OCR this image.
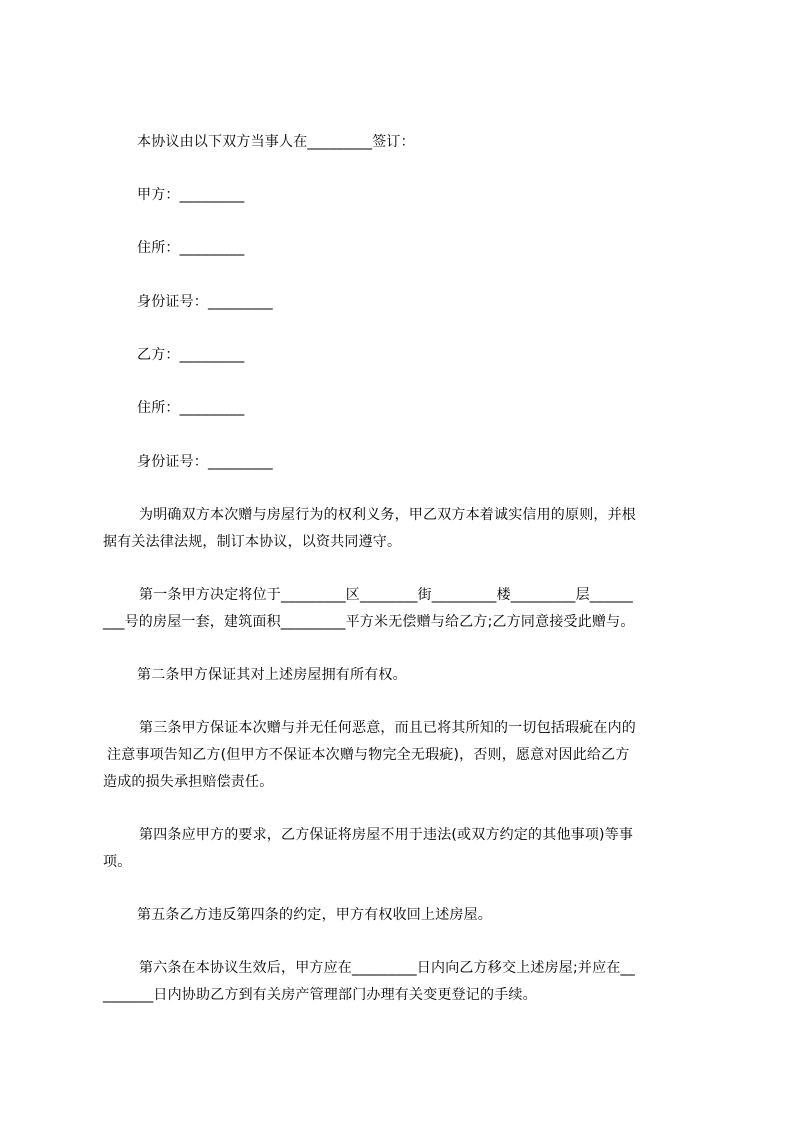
本协议由以下双方当事人在_________签订：
甲方：_________
住所：_________
身份证号：_________
乙方：_________
住所：_________
身份证号：_________
为明确双方本次赠与房屋行为的权利义务，甲乙双方本着诚实信用的原则，并根
据有关法律法规，制订本协议，以资共同遵守。
第一条甲方决定将位于_________区________街_________楼_________层______
___号的房屋一套，建筑面积_________平方米无偿赠与给乙方;乙方同意接受此赠与。
第二条甲方保证其对上述房屋拥有所有权。
第三条甲方保证本次赠与并无任何恶意，而且已将其所知的一切包括瑕疵在内的
注意事项告知乙方(但甲方不保证本次赠与物完全无瑕疵)，否则，愿意对因此给乙方
造成的损失承担赔偿责任。
第四条应甲方的要求，乙方保证将房屋不用于违法(或双方约定的其他事项)等事
项。
第五条乙方违反第四条的约定，甲方有权收回上述房屋。
第六条在本协议生效后，甲方应在_________日内向乙方移交上述房屋;并应在__
_______日内协助乙方到有关房产管理部门办理有关变更登记的手续。
